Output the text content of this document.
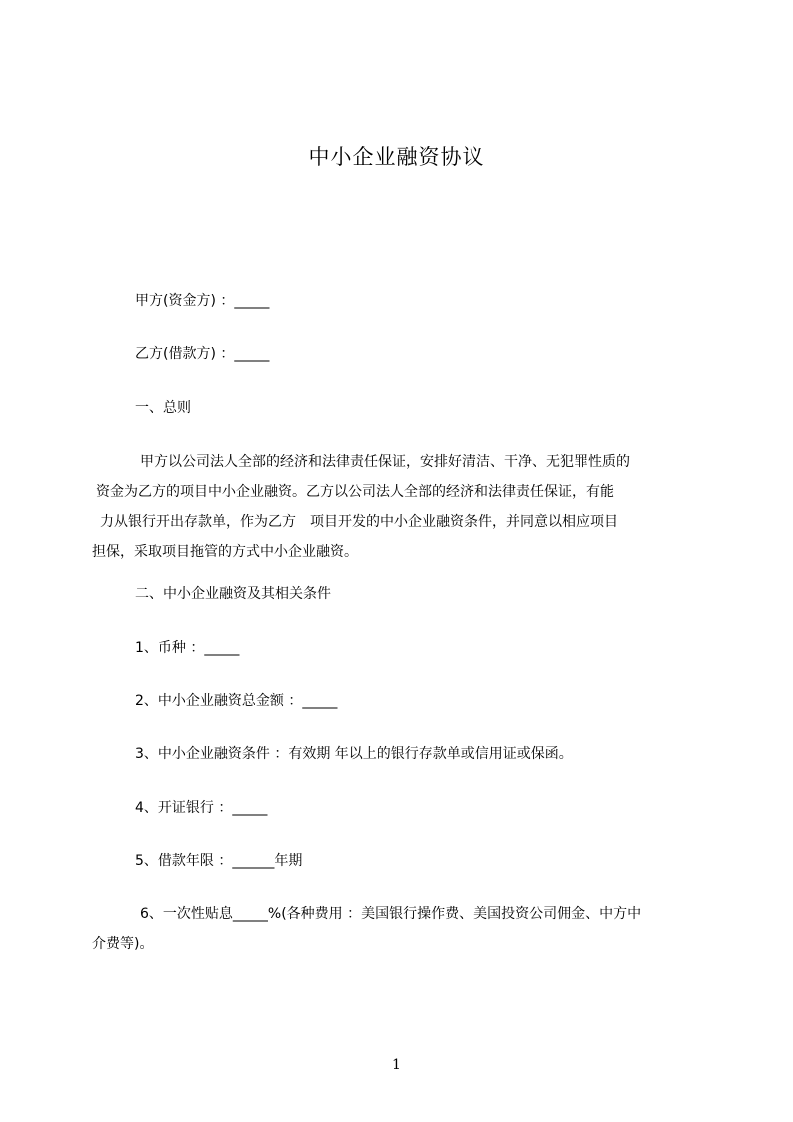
中小企业融资协议
甲方(资金方) ：_____
乙方(借款方) ：_____
一、总则
甲方以公司法人全部的经济和法律责任保证，安排好清洁、干净、无犯罪性质的
资金为乙方的项目中小企业融资。乙方以公司法人全部的经济和法律责任保证，有能
力从银行开出存款单，作为乙方　项目开发的中小企业融资条件，并同意以相应项目
担保，采取项目拖管的方式中小企业融资。
二、中小企业融资及其相关条件
1、币种 ：_____
2、中小企业融资总金额 ：_____
3、中小企业融资条件 ：有效期 年以上的银行存款单或信用证或保函。
4、开证银行 ：_____
5、借款年限 ：______年期
6、一次性贴息_____%(各种费用 ：美国银行操作费、美国投资公司佣金、中方中
介费等)。
1
